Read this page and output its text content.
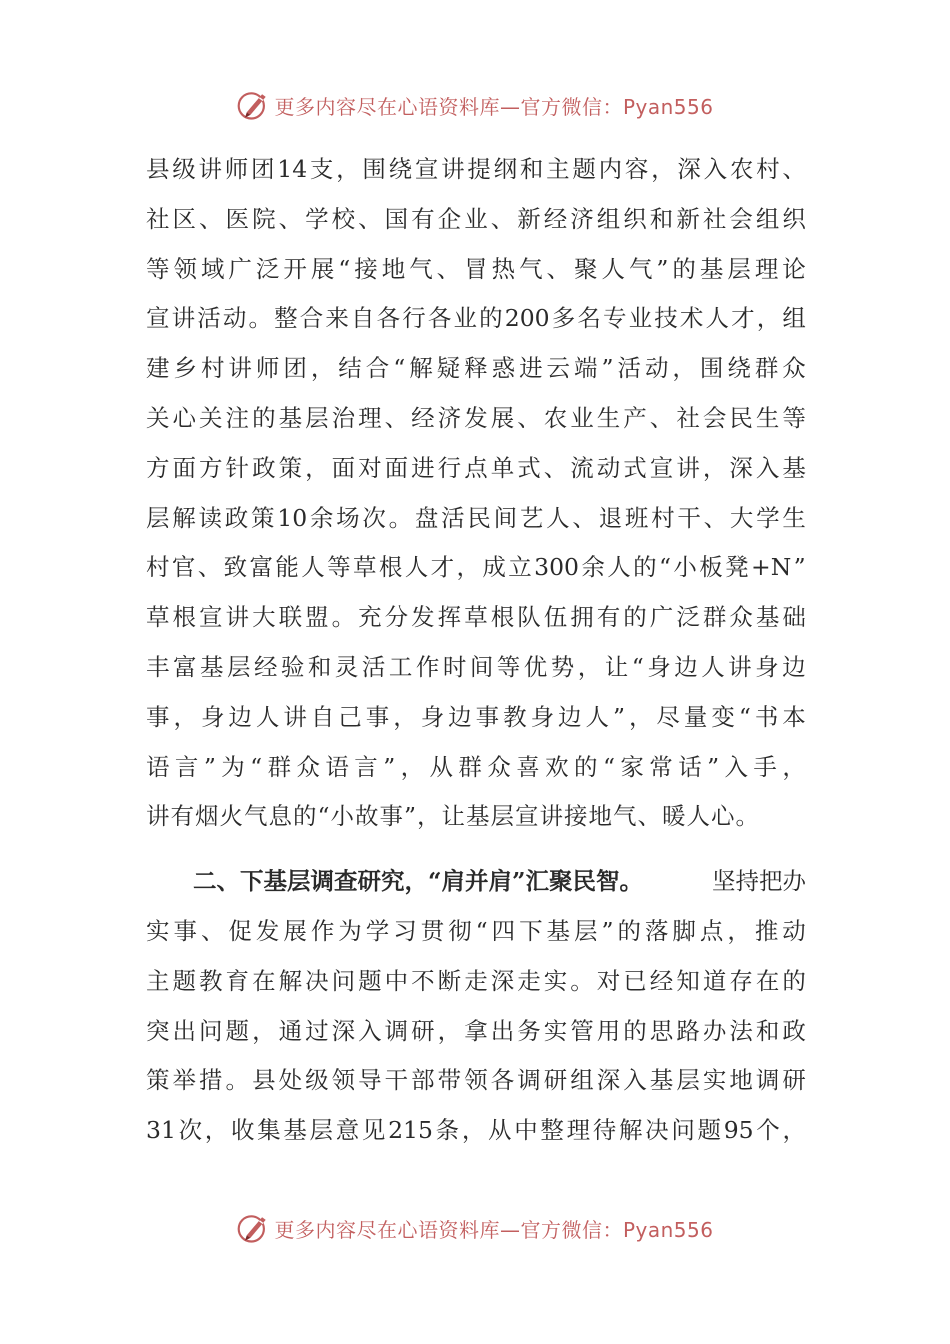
更多内容尽在心语资料库—官方微信：Pyan556
县 级 讲 师 团 14 支 ， 围 绕 宣 讲 提 纲 和 主 题 内 容 ， 深 入 农 村 、
社 区 、 医 院 、 学 校 、 国 有 企 业 、 新 经 济 组 织 和 新 社 会 组 织
等 领 域 广 泛 开 展 “ 接 地 气 、 冒 热 气 、 聚 人 气 ” 的 基 层 理 论
宣 讲 活 动 。 整 合 来 自 各 行 各 业 的 200 多 名 专 业 技 术 人 才 ， 组
建 乡 村 讲 师 团 ， 结 合 “ 解 疑 释 惑 进 云 端 ” 活 动 ， 围 绕 群 众
关 心 关 注 的 基 层 治 理 、 经 济 发 展 、 农 业 生 产 、 社 会 民 生 等
方 面 方 针 政 策 ， 面 对 面 进 行 点 单 式 、 流 动 式 宣 讲 ， 深 入 基
层 解 读 政 策 10 余 场 次 。 盘 活 民 间 艺 人 、 退 班 村 干 、 大 学 生
村 官 、 致 富 能 人 等 草 根 人 才 ， 成 立 300 余 人 的 “ 小 板 凳 +N ”
草 根 宣 讲 大 联 盟 。 充 分 发 挥 草 根 队 伍 拥 有 的 广 泛 群 众 基 础
丰 富 基 层 经 验 和 灵 活 工 作 时 间 等 优 势 ， 让 “ 身 边 人 讲 身 边
事 ， 身 边 人 讲 自 己 事 ， 身 边 事 教 身 边 人 ” ， 尽 量 变 “ 书 本
语 言 ” 为 “ 群 众 语 言 ” ， 从 群 众 喜 欢 的 “ 家 常 话 ” 入 手 ，
讲有烟火气息的“小故事”，让基层宣讲接地气、暖人心。
二、下基层调查研究，“肩并肩”汇聚民智。	坚持把办
实 事 、 促 发 展 作 为 学 习 贯 彻 “ 四 下 基 层 ” 的 落 脚 点 ， 推 动
主 题 教 育 在 解 决 问 题 中 不 断 走 深 走 实 。 对 已 经 知 道 存 在 的
突 出 问 题 ， 通 过 深 入 调 研 ， 拿 出 务 实 管 用 的 思 路 办 法 和 政
策 举 措 。 县 处 级 领 导 干 部 带 领 各 调 研 组 深 入 基 层 实 地 调 研
31 次 ， 收 集 基 层 意 见 215 条 ， 从 中 整 理 待 解 决 问 题 95 个 ，
更多内容尽在心语资料库—官方微信：Pyan556
